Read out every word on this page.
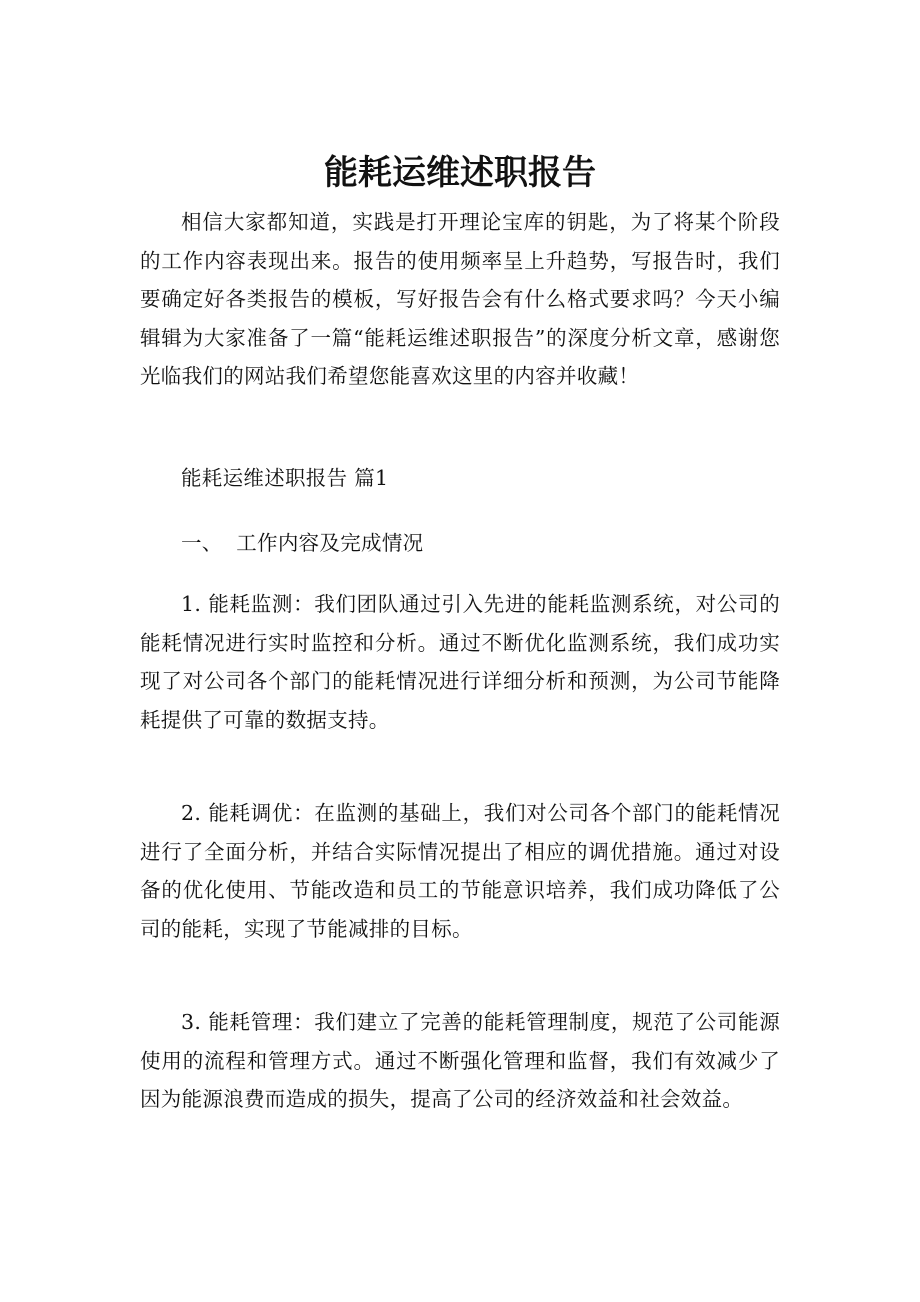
能耗运维述职报告

相信大家都知道，实践是打开理论宝库的钥匙，为了将某个阶段的工作内容表现出来。报告的使用频率呈上升趋势，写报告时，我们要确定好各类报告的模板，写好报告会有什么格式要求吗？今天小编辑辑为大家准备了一篇“能耗运维述职报告”的深度分析文章，感谢您光临我们的网站我们希望您能喜欢这里的内容并收藏！

能耗运维述职报告 篇1

一、  工作内容及完成情况

1. 能耗监测：我们团队通过引入先进的能耗监测系统，对公司的能耗情况进行实时监控和分析。通过不断优化监测系统，我们成功实现了对公司各个部门的能耗情况进行详细分析和预测，为公司节能降耗提供了可靠的数据支持。

2. 能耗调优：在监测的基础上，我们对公司各个部门的能耗情况进行了全面分析，并结合实际情况提出了相应的调优措施。通过对设备的优化使用、节能改造和员工的节能意识培养，我们成功降低了公司的能耗，实现了节能减排的目标。

3. 能耗管理：我们建立了完善的能耗管理制度，规范了公司能源使用的流程和管理方式。通过不断强化管理和监督，我们有效减少了因为能源浪费而造成的损失，提高了公司的经济效益和社会效益。
